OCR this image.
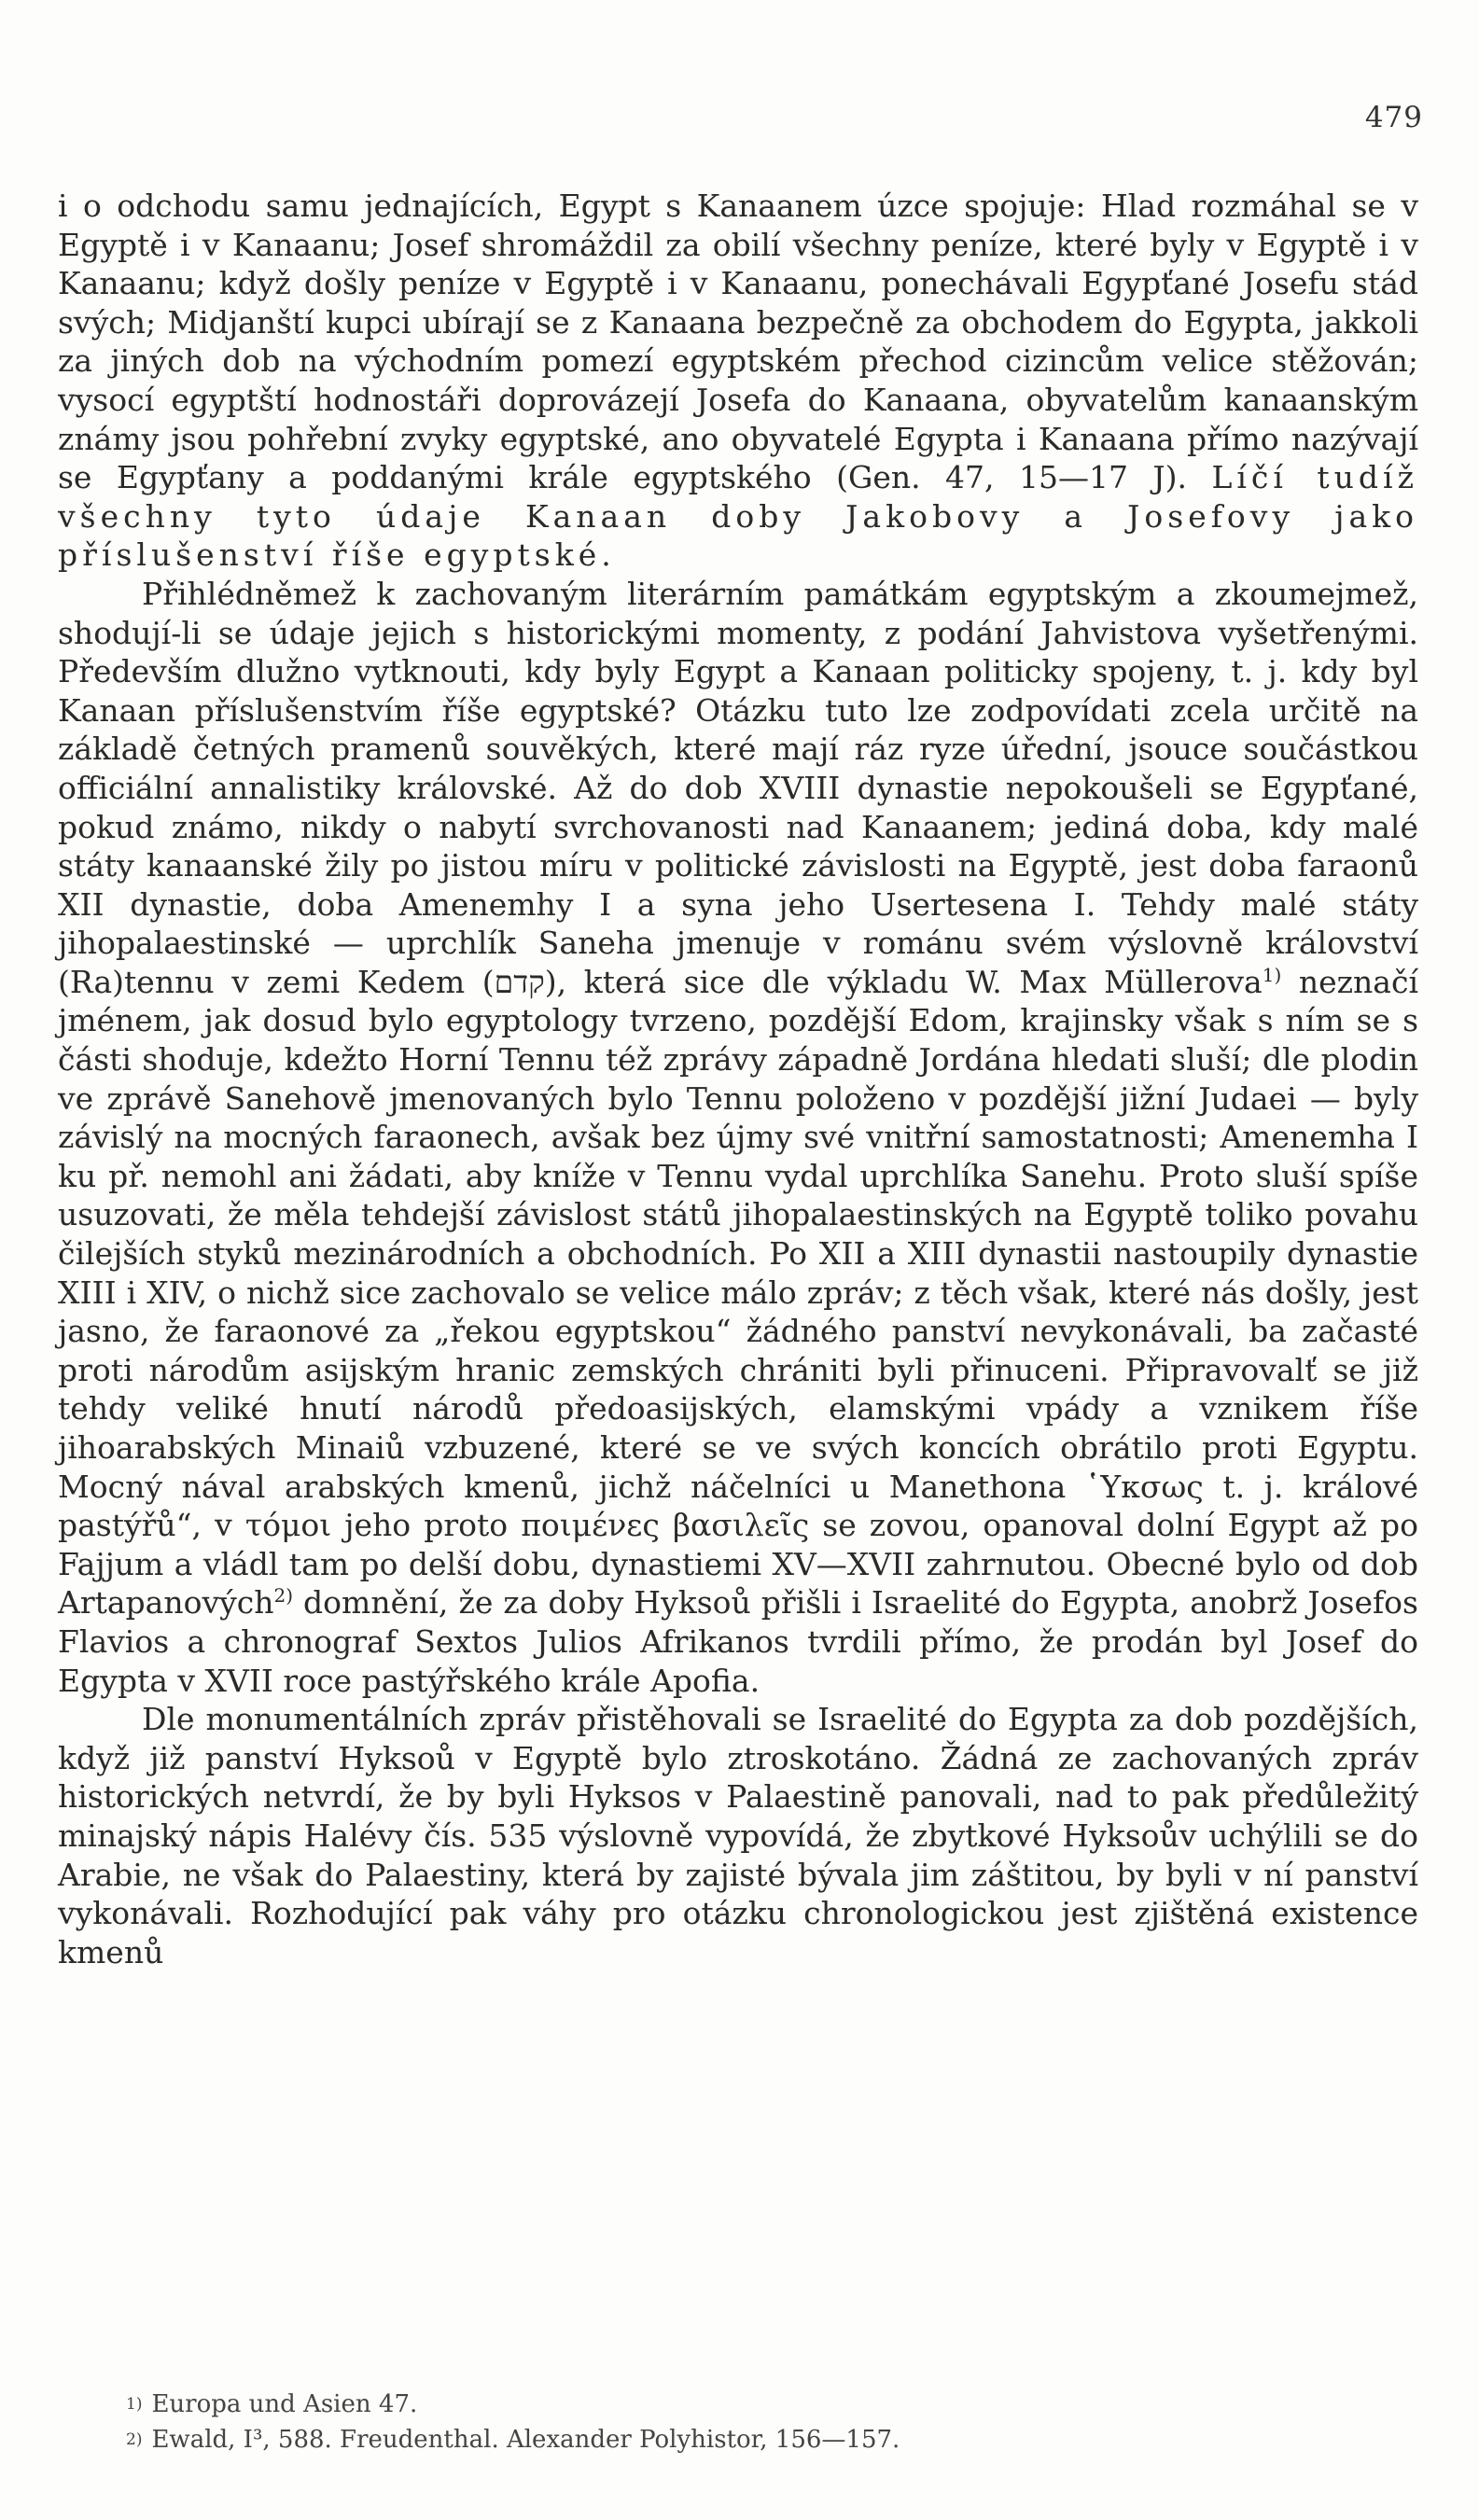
479

i o odchodu samu jednajících, Egypt s Kanaanem úzce spojuje: Hlad rozmáhal se v Egyptě i v Kanaanu; Josef shromáždil za obilí všechny peníze, které byly v Egyptě i v Kanaanu; když došly peníze v Egyptě i v Kanaanu, ponechávali Egypťané Josefu stád svých; Midjanští kupci ubírají se z Kanaana bezpečně za obchodem do Egypta, jakkoli za jiných dob na východním pomezí egyptském přechod cizincům velice stěžován; vysocí egyptští hodnostáři doprovázejí Josefa do Kanaana, obyvatelům kanaanským známy jsou pohřební zvyky egyptské, ano obyvatelé Egypta i Kanaana přímo nazývají se Egypťany a poddanými krále egyptského (Gen. 47, 15—17 J). Líčí tudíž všechny tyto údaje Kanaan doby Jakobovy a Josefovy jako příslušenství říše egyptské.

Přihlédněmež k zachovaným literárním památkám egyptským a zkoumejmež, shodují-li se údaje jejich s historickými momenty, z podání Jahvistova vyšetřenými. Především dlužno vytknouti, kdy byly Egypt a Kanaan politicky spojeny, t. j. kdy byl Kanaan příslušenstvím říše egyptské? Otázku tuto lze zodpovídati zcela určitě na základě četných pramenů souvěkých, které mají ráz ryze úřední, jsouce součástkou officiální annalistiky královské. Až do dob XVIII dynastie nepokoušeli se Egypťané, pokud známo, nikdy o nabytí svrchovanosti nad Kanaanem; jediná doba, kdy malé státy kanaanské žily po jistou míru v politické závislosti na Egyptě, jest doba faraonů XII dynastie, doba Amenemhy I a syna jeho Usertesena I. Tehdy malé státy jihopalaestinské — uprchlík Saneha jmenuje v románu svém výslovně království (Ra)tennu v zemi Kedem (קדם), která sice dle výkladu W. Max Müllerova$^{1)}$ neznačí jménem, jak dosud bylo egyptology tvrzeno, pozdější Edom, krajinsky však s ním se s části shoduje, kdežto Horní Tennu též zprávy západně Jordána hledati sluší; dle plodin ve zprávě Sanehově jmenovaných bylo Tennu položeno v pozdější jižní Judaei — byly závislý na mocných faraonech, avšak bez újmy své vnitřní samostatnosti; Amenemha I ku př. nemohl ani žádati, aby kníže v Tennu vydal uprchlíka Sanehu. Proto sluší spíše usuzovati, že měla tehdejší závislost států jihopalaestinských na Egyptě toliko povahu čilejších styků mezinárodních a obchodních. Po XII a XIII dynastii nastoupily dynastie XIII i XIV, o nichž sice zachovalo se velice málo zpráv; z těch však, které nás došly, jest jasno, že faraonové za „řekou egyptskou“ žádného panství nevykonávali, ba začasté proti národům asijským hranic zemských chrániti byli přinuceni. Připravovalť se již tehdy veliké hnutí národů předoasijských, elamskými vpády a vznikem říše jihoarabských Minaiů vzbuzené, které se ve svých koncích obrátilo proti Egyptu. Mocný nával arabských kmenů, jichž náčelníci u Manethona ῾Υκσως t. j. králové pastýřů“, v τόμοι jeho proto ποιμένες βασιλεῖς se zovou, opanoval dolní Egypt až po Fajjum a vládl tam po delší dobu, dynastiemi XV—XVII zahrnutou. Obecné bylo od dob Artapanových$^{2)}$ domnění, že za doby Hyksoů přišli i Israelité do Egypta, anobrž Josefos Flavios a chronograf Sextos Julios Afrikanos tvrdili přímo, že prodán byl Josef do Egypta v XVII roce pastýřského krále Apofia.

Dle monumentálních zpráv přistěhovali se Israelité do Egypta za dob pozdějších, když již panství Hyksoů v Egyptě bylo ztroskotáno. Žádná ze zachovaných zpráv historických netvrdí, že by byli Hyksos v Palaestině panovali, nad to pak předůležitý minajský nápis Halévy čís. 535 výslovně vypovídá, že zbytkové Hyksoův uchýlili se do Arabie, ne však do Palaestiny, která by zajisté bývala jim záštitou, by byli v ní panství vykonávali. Rozhodující pak váhy pro otázku chronologickou jest zjištěná existence kmenů

1) Europa und Asien 47.
2) Ewald, I³, 588. Freudenthal. Alexander Polyhistor, 156—157.
